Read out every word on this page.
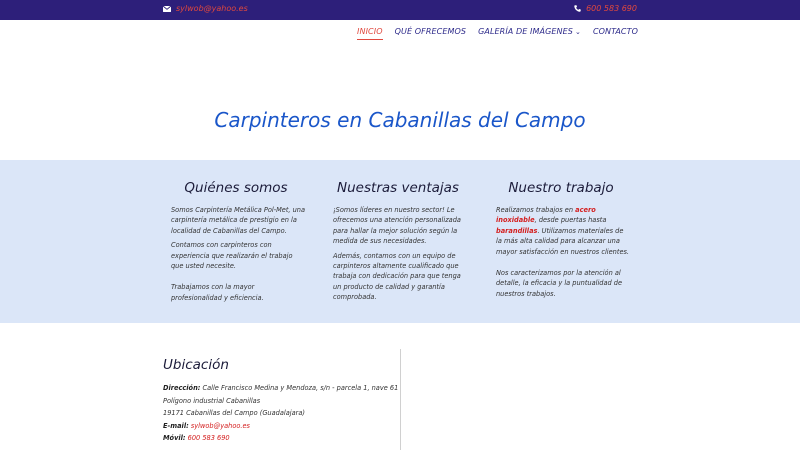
sylwob@yahoo.es	600 583 690
INICIO QUÉ OFRECEMOS GALERÍA DE IMÁGENES ⌄ CONTACTO
Carpinteros en Cabanillas del Campo
Quiénes somos

Somos Carpintería Metálica Pol-Met, una carpintería metálica de prestigio en la localidad de Cabanillas del Campo.

Contamos con carpinteros con experiencia que realizarán el trabajo que usted necesite.

Trabajamos con la mayor profesionalidad y eficiencia.

Nuestras ventajas

¡Somos líderes en nuestro sector! Le ofrecemos una atención personalizada para hallar la mejor solución según la medida de sus necesidades.

Además, contamos con un equipo de carpinteros altamente cualificado que trabaja con dedicación para que tenga un producto de calidad y garantía comprobada.

Nuestro trabajo

Realizamos trabajos en acero inoxidable, desde puertas hasta barandillas. Utilizamos materiales de la más alta calidad para alcanzar una mayor satisfacción en nuestros clientes.

Nos caracterizamos por la atención al detalle, la eficacia y la puntualidad de nuestros trabajos.

Ubicación
Dirección: Calle Francisco Medina y Mendoza, s/n - parcela 1, nave 61
Polígono industrial Cabanillas
19171 Cabanillas del Campo (Guadalajara)
E-mail: sylwob@yahoo.es
Móvil: 600 583 690
